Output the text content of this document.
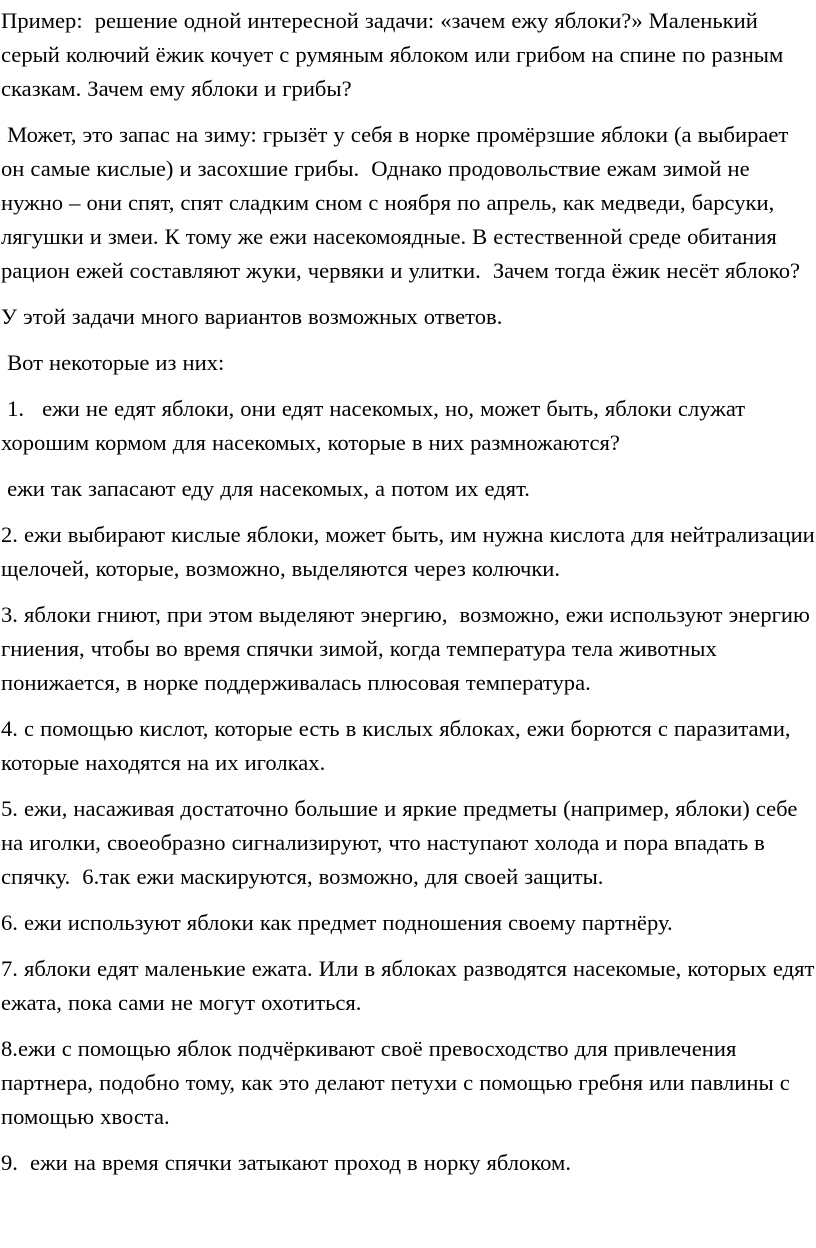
Пример:  решение одной интересной задачи: «зачем ежу яблоки?» Маленький серый колючий ёжик кочует с румяным яблоком или грибом на спине по разным сказкам. Зачем ему яблоки и грибы?

Может, это запас на зиму: грызёт у себя в норке промёрзшие яблоки (а выбирает он самые кислые) и засохшие грибы.  Однако продовольствие ежам зимой не нужно – они спят, спят сладким сном с ноября по апрель, как медведи, барсуки, лягушки и змеи. К тому же ежи насекомоядные. В естественной среде обитания рацион ежей составляют жуки, червяки и улитки.  Зачем тогда ёжик несёт яблоко?

У этой задачи много вариантов возможных ответов.

Вот некоторые из них:

1.   ежи не едят яблоки, они едят насекомых, но, может быть, яблоки служат хорошим кормом для насекомых, которые в них размножаются?

ежи так запасают еду для насекомых, а потом их едят.

2. ежи выбирают кислые яблоки, может быть, им нужна кислота для нейтрализации щелочей, которые, возможно, выделяются через колючки.

3. яблоки гниют, при этом выделяют энергию,  возможно, ежи используют энергию гниения, чтобы во время спячки зимой, когда температура тела животных понижается, в норке поддерживалась плюсовая температура.

4. с помощью кислот, которые есть в кислых яблоках, ежи борются с паразитами, которые находятся на их иголках.

5. ежи, насаживая достаточно большие и яркие предметы (например, яблоки) себе на иголки, своеобразно сигнализируют, что наступают холода и пора впадать в спячку.  6.так ежи маскируются, возможно, для своей защиты.

6. ежи используют яблоки как предмет подношения своему партнёру.

7. яблоки едят маленькие ежата. Или в яблоках разводятся насекомые, которых едят ежата, пока сами не могут охотиться.

8.ежи с помощью яблок подчёркивают своё превосходство для привлечения партнера, подобно тому, как это делают петухи с помощью гребня или павлины с помощью хвоста.

9.  ежи на время спячки затыкают проход в норку яблоком.
